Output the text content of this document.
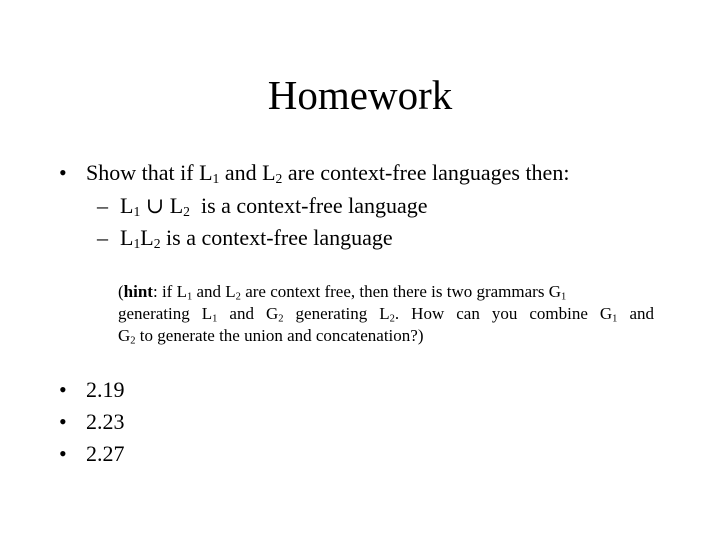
Homework
• Show that if $L_1$ and $L_2$ are context-free languages then:
– $L_1$ ∪ $L_2$  is a context-free language
– $L_1L_2$ is a context-free language
(hint: if $L_1$ and $L_2$ are context free, then there is two grammars $G_1$
generating $L_1$ and $G_2$ generating $L_2$. How can you combine $G_1$ and
$G_2$ to generate the union and concatenation?)
• 2.19
• 2.23
• 2.27
